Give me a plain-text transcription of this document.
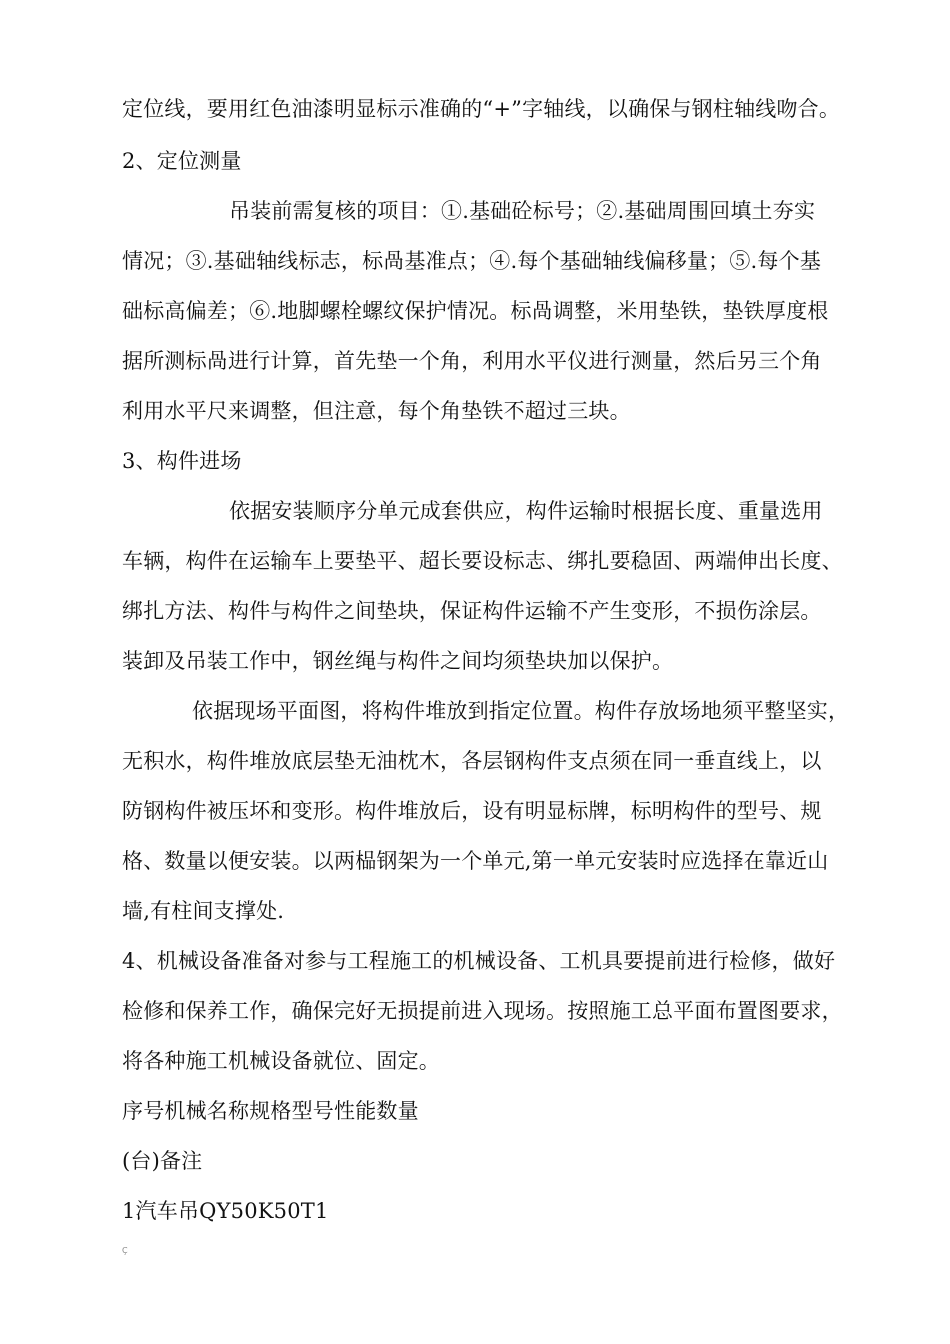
定位线，要用红色油漆明显标示准确的“+”字轴线，以确保与钢柱轴线吻合。
2、定位测量
吊装前需复核的项目：①.基础砼标号；②.基础周围回填土夯实
情况；③.基础轴线标志，标咼基准点；④.每个基础轴线偏移量；⑤.每个基
础标高偏差；⑥.地脚螺栓螺纹保护情况。标咼调整，米用垫铁，垫铁厚度根
据所测标咼进行计算，首先垫一个角，利用水平仪进行测量，然后另三个角
利用水平尺来调整，但注意，每个角垫铁不超过三块。
3、构件进场
依据安装顺序分单元成套供应，构件运输时根据长度、重量选用
车辆，构件在运输车上要垫平、超长要设标志、绑扎要稳固、两端伸出长度、
绑扎方法、构件与构件之间垫块，保证构件运输不产生变形，不损伤涂层。
装卸及吊装工作中，钢丝绳与构件之间均须垫块加以保护。
依据现场平面图，将构件堆放到指定位置。构件存放场地须平整坚实，
无积水，构件堆放底层垫无油枕木，各层钢构件支点须在同一垂直线上，以
防钢构件被压坏和变形。构件堆放后，设有明显标牌，标明构件的型号、规
格、数量以便安装。以两榀钢架为一个单元,第一单元安装时应选择在靠近山
墙,有柱间支撑处.
4、机械设备准备对参与工程施工的机械设备、工机具要提前进行检修，做好
检修和保养工作，确保完好无损提前进入现场。按照施工总平面布置图要求，
将各种施工机械设备就位、固定。
序号机械名称规格型号性能数量
(台)备注
1汽车吊QY50K50T1
Ç
